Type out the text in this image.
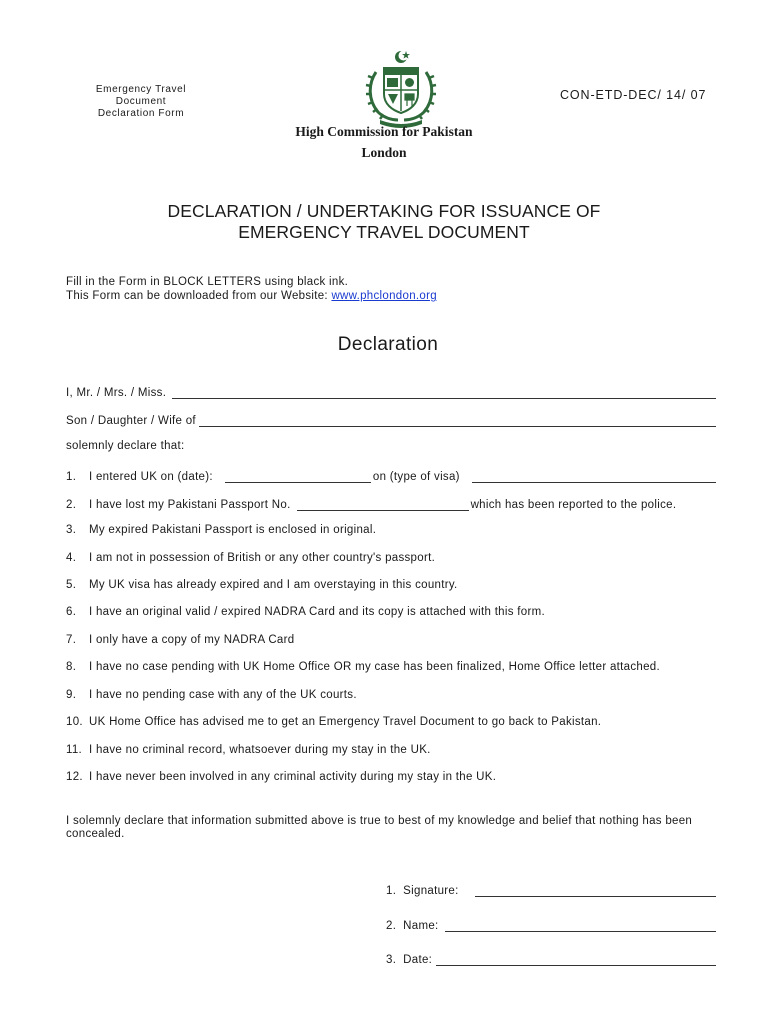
Emergency Travel
Document
Declaration Form
CON-ETD-DEC/ 14/ 07
High Commission for Pakistan
London
DECLARATION / UNDERTAKING FOR ISSUANCE OF
EMERGENCY TRAVEL DOCUMENT
Fill in the Form in BLOCK LETTERS using black ink.
This Form can be downloaded from our Website: www.phclondon.org
Declaration
I, Mr. / Mrs. / Miss.
Son / Daughter / Wife of
solemnly declare that:
1.	I entered UK on (date):	on (type of visa)
2.	I have lost my Pakistani Passport No.	which has been reported to the police.
3. My expired Pakistani Passport is enclosed in original.
4. I am not in possession of British or any other country's passport.
5. My UK visa has already expired and I am overstaying in this country.
6. I have an original valid / expired NADRA Card and its copy is attached with this form.
7. I only have a copy of my NADRA Card
8. I have no case pending with UK Home Office OR my case has been finalized, Home Office letter attached.
9. I have no pending case with any of the UK courts.
10. UK Home Office has advised me to get an Emergency Travel Document to go back to Pakistan.
11. I have no criminal record, whatsoever during my stay in the UK.
12. I have never been involved in any criminal activity during my stay in the UK.
I solemnly declare that information submitted above is true to best of my knowledge and belief that nothing has been concealed.
1.  Signature:
2.  Name:
3.  Date:
